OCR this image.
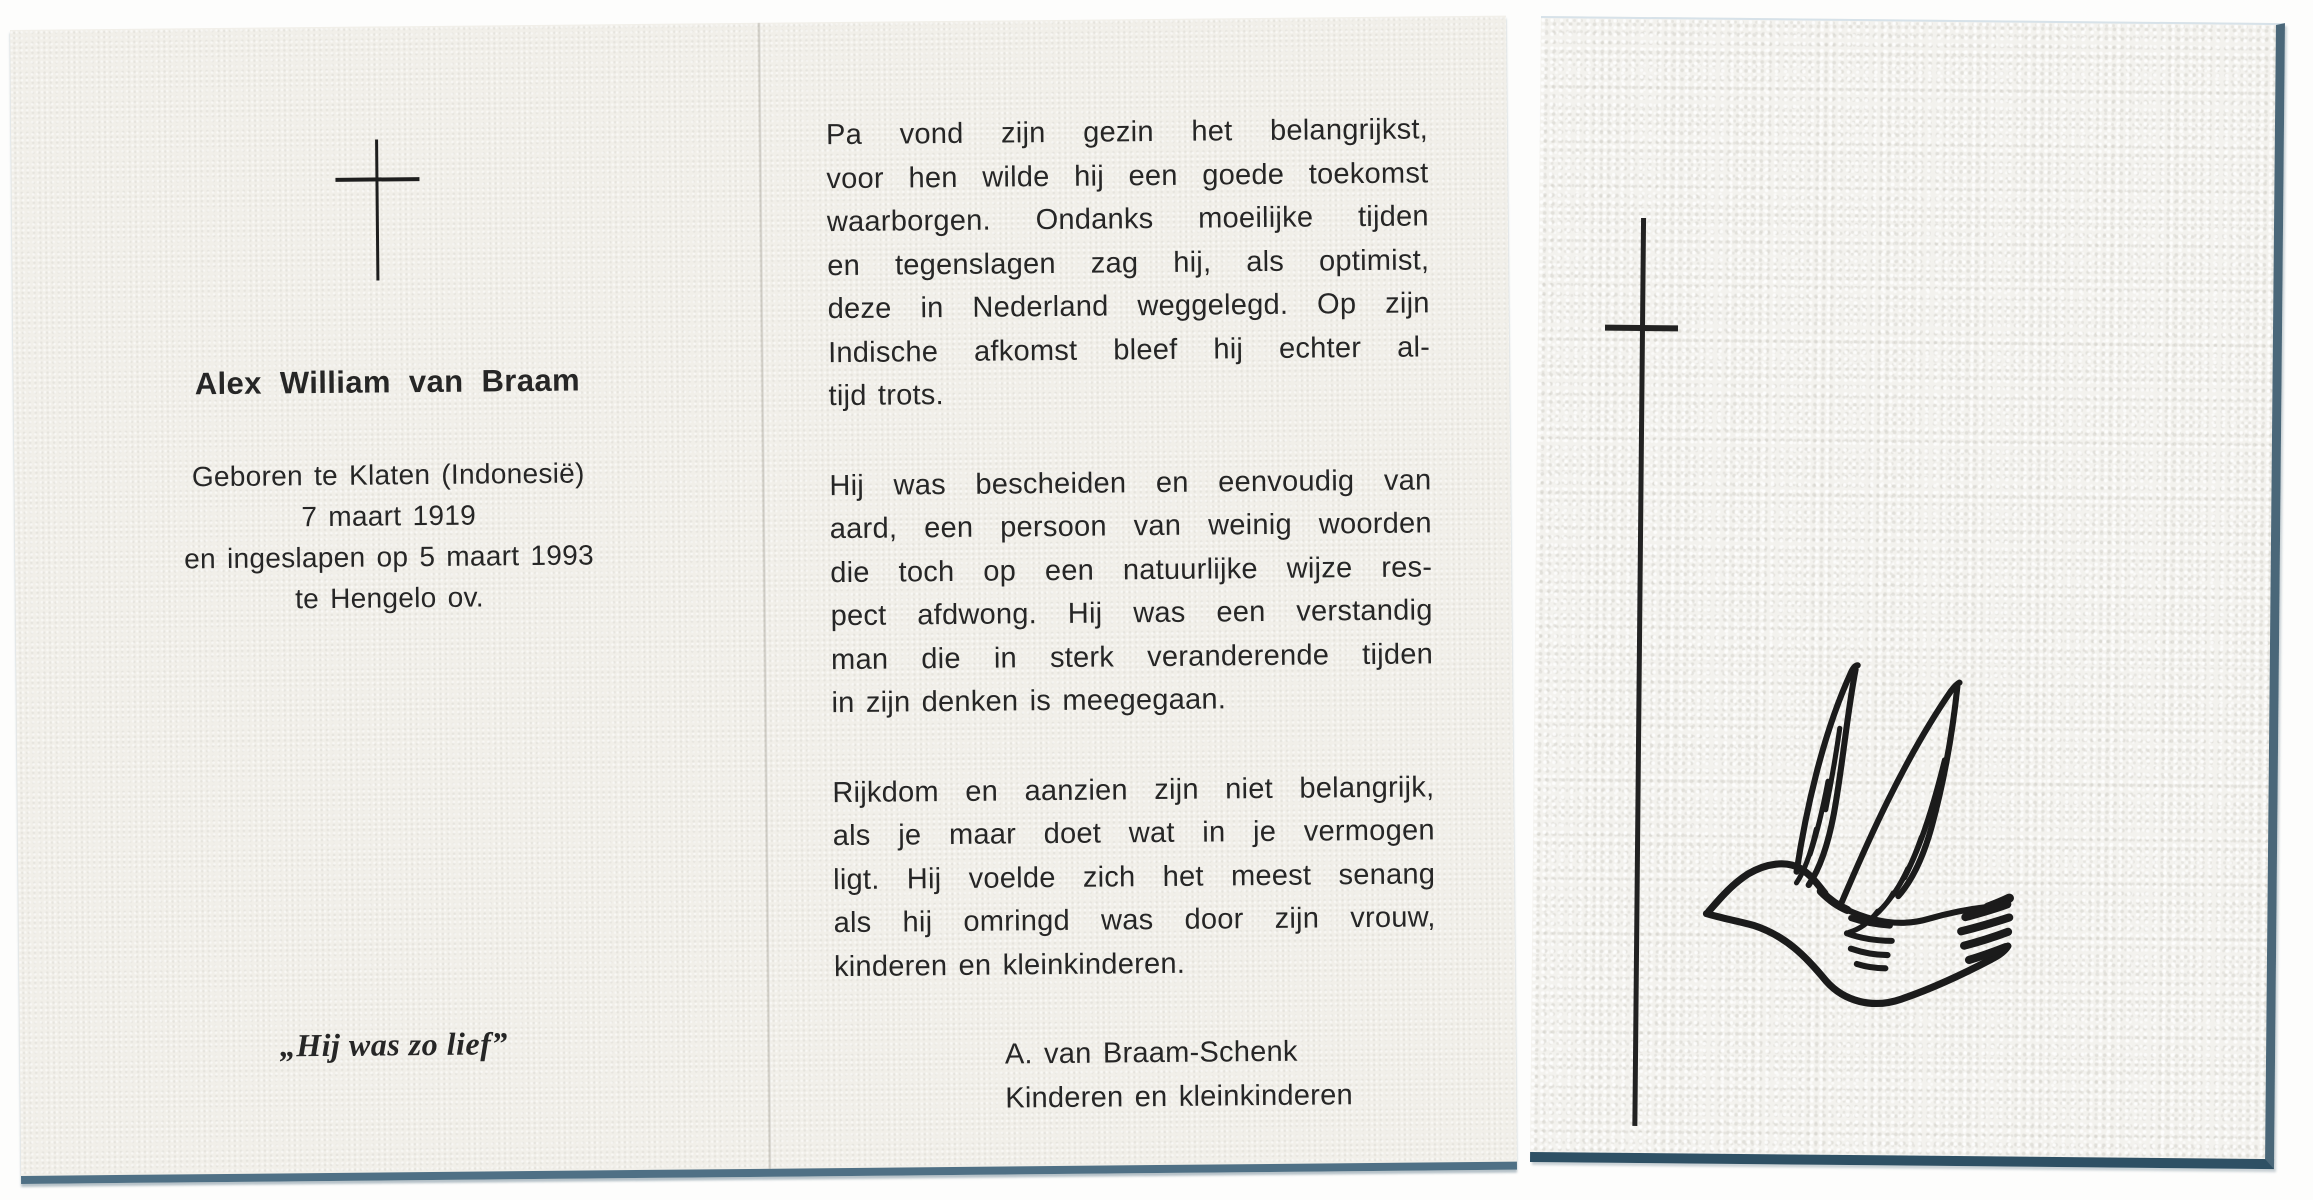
Alex William van Braam
Geboren te Klaten (Indonesië)
7 maart 1919
en ingeslapen op 5 maart 1993
te Hengelo ov.
„Hij was zo lief”
Pa vond zijn gezin het belangrijkst,
voor hen wilde hij een goede toekomst
waarborgen. Ondanks moeilijke tijden
en tegenslagen zag hij, als optimist,
deze in Nederland weggelegd. Op zijn
Indische afkomst bleef hij echter al-
tijd trots.
Hij was bescheiden en eenvoudig van
aard, een persoon van weinig woorden
die toch op een natuurlijke wijze res-
pect afdwong. Hij was een verstandig
man die in sterk veranderende tijden
in zijn denken is meegegaan.
Rijkdom en aanzien zijn niet belangrijk,
als je maar doet wat in je vermogen
ligt. Hij voelde zich het meest senang
als hij omringd was door zijn vrouw,
kinderen en kleinkinderen.
A. van Braam-Schenk
Kinderen en kleinkinderen
